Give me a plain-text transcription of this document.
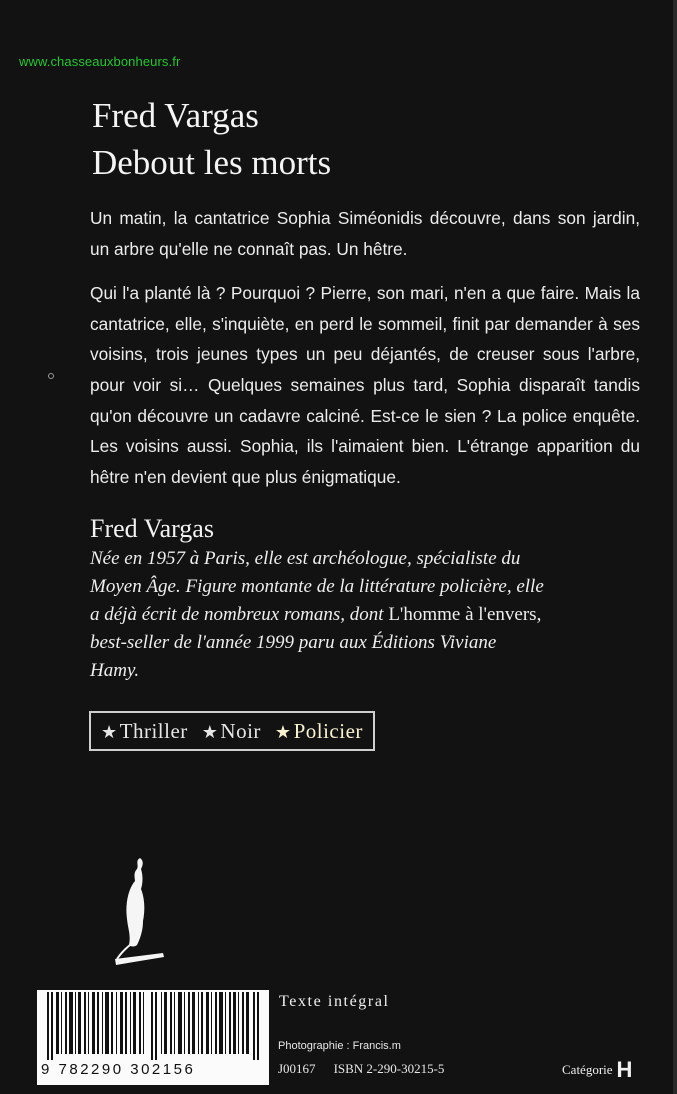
www.chasseauxbonheurs.fr
Fred Vargas
Debout les morts

Un matin, la cantatrice Sophia Siméonidis découvre, dans son jardin, un arbre qu'elle ne connaît pas. Un hêtre.

Qui l'a planté là ? Pourquoi ? Pierre, son mari, n'en a que faire. Mais la cantatrice, elle, s'inquiète, en perd le sommeil, finit par demander à ses voisins, trois jeunes types un peu déjantés, de creuser sous l'arbre, pour voir si… Quelques semaines plus tard, Sophia disparaît tandis qu'on découvre un cadavre calciné. Est-ce le sien ? La police enquête. Les voisins aussi. Sophia, ils l'aimaient bien. L'étrange apparition du hêtre n'en devient que plus énigmatique.

Fred Vargas
Née en 1957 à Paris, elle est archéologue, spécialiste du Moyen Âge. Figure montante de la littérature policière, elle a déjà écrit de nombreux romans, dont L'homme à l'envers, best-seller de l'année 1999 paru aux Éditions Viviane Hamy.
★Thriller ★Noir ★Policier
9 782290 302156
Texte intégral
Photographie : Francis.m
J00167 ISBN 2-290-30215-5	Catégorie H
